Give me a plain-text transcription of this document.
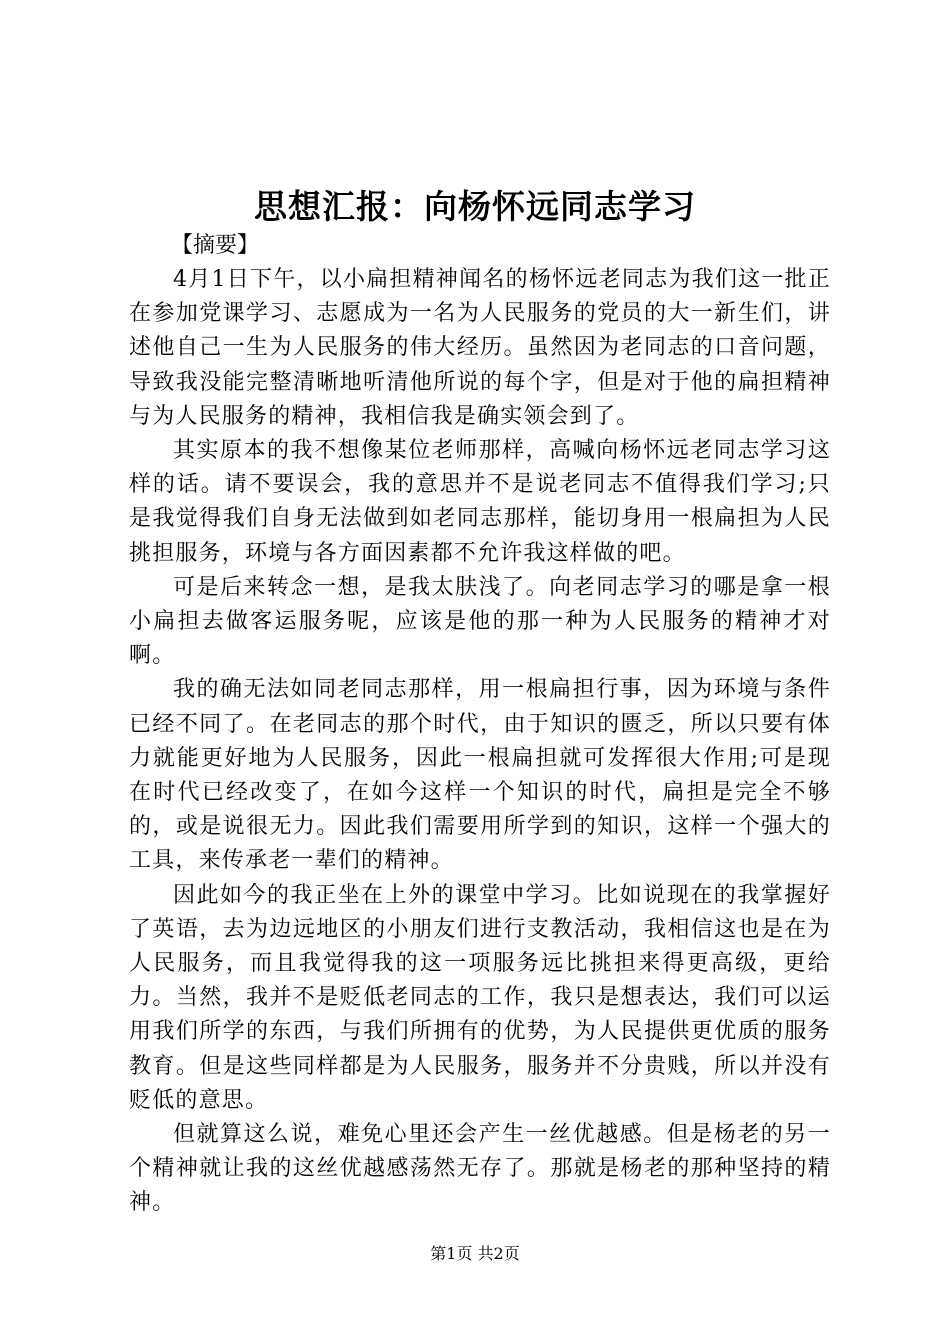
思想汇报：向杨怀远同志学习

【摘要】

4月1日下午，以小扁担精神闻名的杨怀远老同志为我们这一批正在参加党课学习、志愿成为一名为人民服务的党员的大一新生们，讲述他自己一生为人民服务的伟大经历。虽然因为老同志的口音问题，导致我没能完整清晰地听清他所说的每个字，但是对于他的扁担精神与为人民服务的精神，我相信我是确实领会到了。

其实原本的我不想像某位老师那样，高喊向杨怀远老同志学习这样的话。请不要误会，我的意思并不是说老同志不值得我们学习;只是我觉得我们自身无法做到如老同志那样，能切身用一根扁担为人民挑担服务，环境与各方面因素都不允许我这样做的吧。

可是后来转念一想，是我太肤浅了。向老同志学习的哪是拿一根小扁担去做客运服务呢，应该是他的那一种为人民服务的精神才对啊。

我的确无法如同老同志那样，用一根扁担行事，因为环境与条件已经不同了。在老同志的那个时代，由于知识的匮乏，所以只要有体力就能更好地为人民服务，因此一根扁担就可发挥很大作用;可是现在时代已经改变了，在如今这样一个知识的时代，扁担是完全不够的，或是说很无力。因此我们需要用所学到的知识，这样一个强大的工具，来传承老一辈们的精神。

因此如今的我正坐在上外的课堂中学习。比如说现在的我掌握好了英语，去为边远地区的小朋友们进行支教活动，我相信这也是在为人民服务，而且我觉得我的这一项服务远比挑担来得更高级，更给力。当然，我并不是贬低老同志的工作，我只是想表达，我们可以运用我们所学的东西，与我们所拥有的优势，为人民提供更优质的服务教育。但是这些同样都是为人民服务，服务并不分贵贱，所以并没有贬低的意思。

但就算这么说，难免心里还会产生一丝优越感。但是杨老的另一个精神就让我的这丝优越感荡然无存了。那就是杨老的那种坚持的精神。

第1页 共2页
